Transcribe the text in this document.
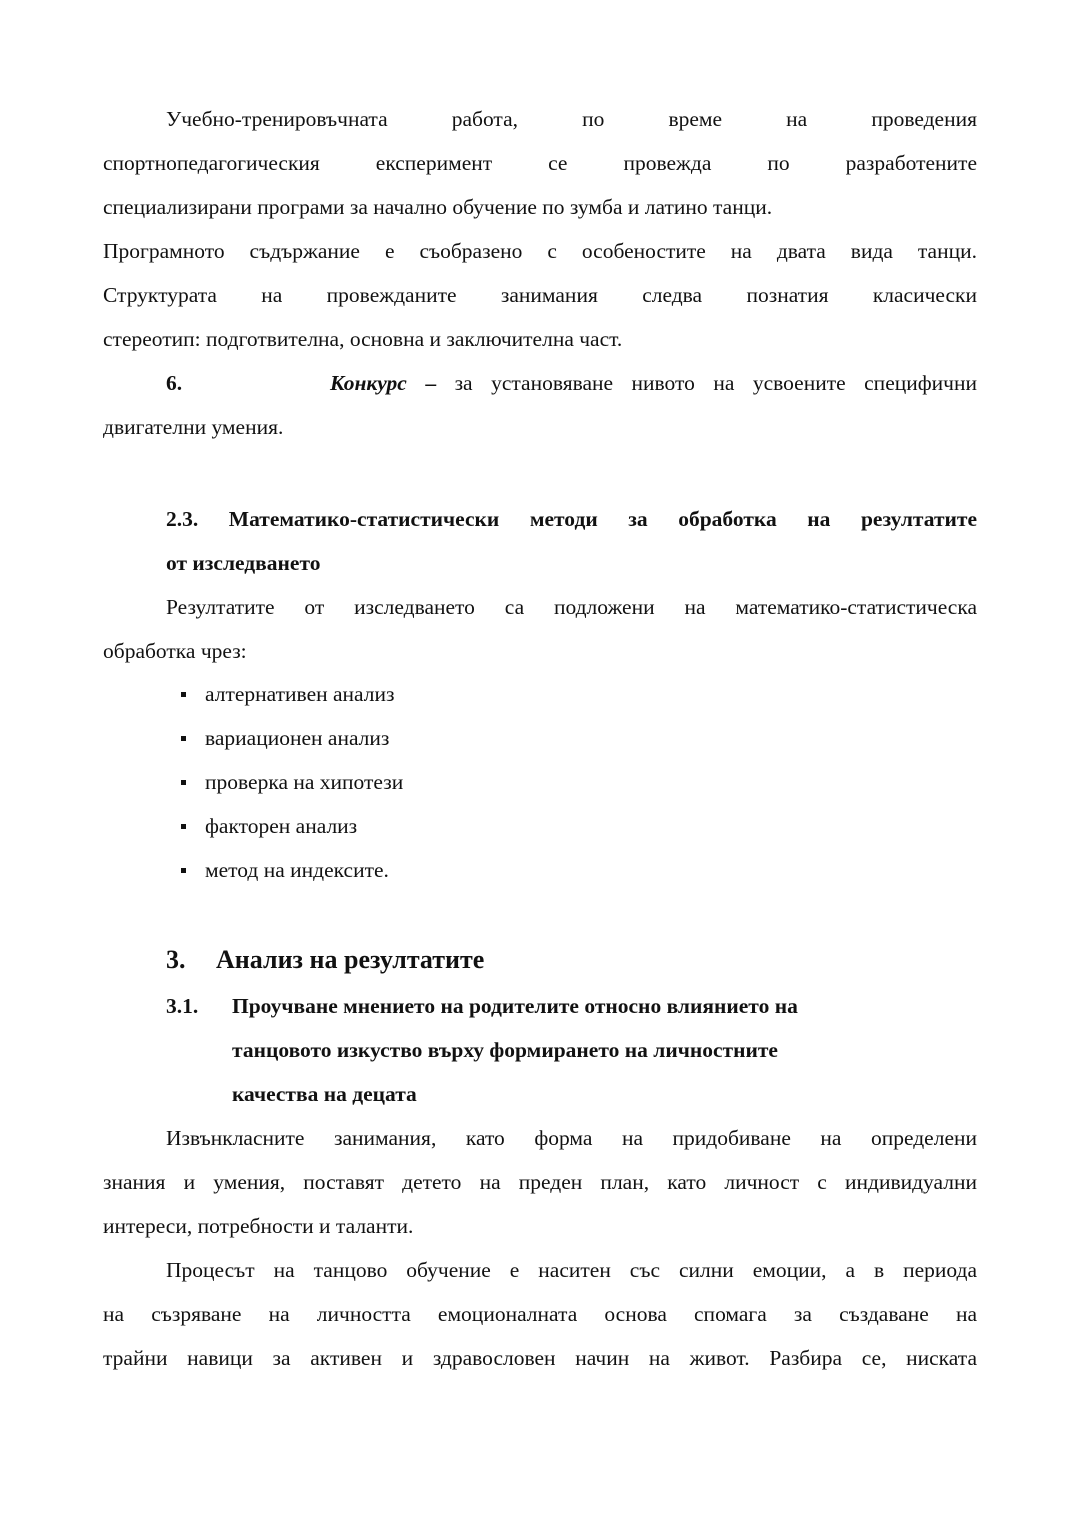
Учебно-тренировъчната работа, по време на проведения
спортнопедагогическия експеримент се провежда по разработените
специализирани програми за начално обучение по зумба и латино танци.
Програмното съдържание е съобразено с особеностите на двата вида танци.
Структурата на провежданите занимания следва познатия класически
стереотип: подготвителна, основна и заключителна част.
6.	Конкурс – за установяване нивото на усвоените специфични
двигателни умения.
2.3. Математико-статистически методи за обработка на резултатите
от изследването
Резултатите от изследването са подложени на математико-статистическа
обработка чрез:
алтернативен анализ
вариационен анализ
проверка на хипотези
факторен анализ
метод на индексите.
3. Анализ на резултатите
3.1. Проучване мнението на родителите относно влиянието на
танцовото изкуство върху формирането на личностните
качества на децата
Извънкласните занимания, като форма на придобиване на определени
знания и умения, поставят детето на преден план, като личност с индивидуални
интереси, потребности и таланти.
Процесът на танцово обучение е наситен със силни емоции, а в периода
на съзряване на личността емоционалната основа спомага за създаване на
трайни навици за активен и здравословен начин на живот. Разбира се, ниската
